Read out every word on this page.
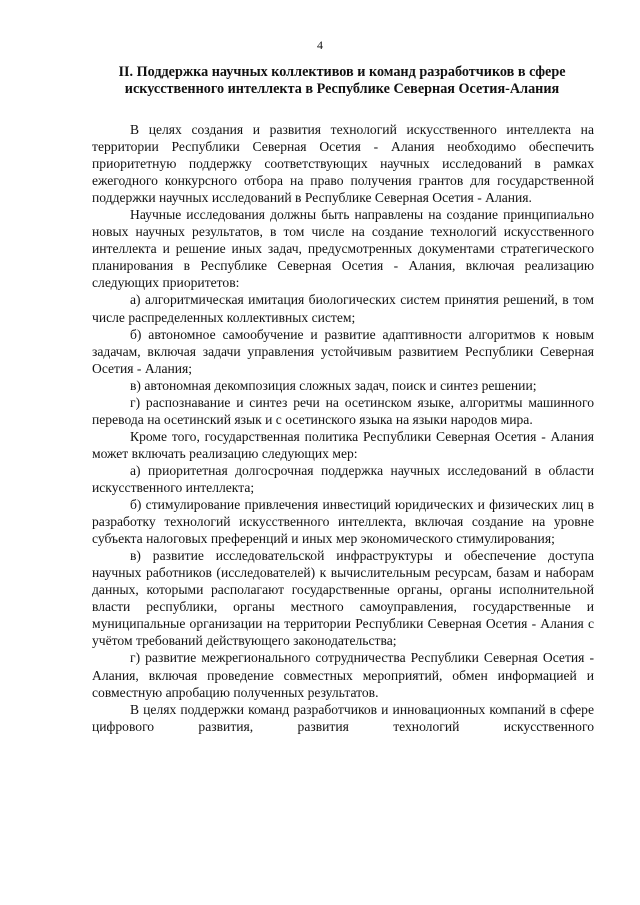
4
II. Поддержка научных коллективов и команд разработчиков в сфере искусственного интеллекта в Республике Северная Осетия-Алания

В целях создания и развития технологий искусственного интеллекта на территории Республики Северная Осетия - Алания необходимо обеспечить приоритетную поддержку соответствующих научных исследований в рамках ежегодного конкурсного отбора на право получения грантов для государственной поддержки научных исследований в Республике Северная Осетия - Алания.

Научные исследования должны быть направлены на создание принципиально новых научных результатов, в том числе на создание технологий искусственного интеллекта и решение иных задач, предусмотренных документами стратегического планирования в Республике Северная Осетия - Алания, включая реализацию следующих приоритетов:

а) алгоритмическая имитация биологических систем принятия решений, в том числе распределенных коллективных систем;

б) автономное самообучение и развитие адаптивности алгоритмов к новым задачам, включая задачи управления устойчивым развитием Республики Северная Осетия - Алания;

в) автономная декомпозиция сложных задач, поиск и синтез решении;

г) распознавание и синтез речи на осетинском языке, алгоритмы машинного перевода на осетинский язык и с осетинского языка на языки народов мира.

Кроме того, государственная политика Республики Северная Осетия - Алания может включать реализацию следующих мер:

а) приоритетная долгосрочная поддержка научных исследований в области искусственного интеллекта;

б) стимулирование привлечения инвестиций юридических и физических лиц в разработку технологий искусственного интеллекта, включая создание на уровне субъекта налоговых преференций и иных мер экономического стимулирования;

в) развитие исследовательской инфраструктуры и обеспечение доступа научных работников (исследователей) к вычислительным ресурсам, базам и наборам данных, которыми располагают государственные органы, органы исполнительной власти республики, органы местного самоуправления, государственные и муниципальные организации на территории Республики Северная Осетия - Алания с учётом требований действующего законодательства;

г) развитие межрегионального сотрудничества Республики Северная Осетия - Алания, включая проведение совместных мероприятий, обмен информацией и совместную апробацию полученных результатов.

В целях поддержки команд разработчиков и инновационных компаний в сфере цифрового развития, развития технологий искусственного
